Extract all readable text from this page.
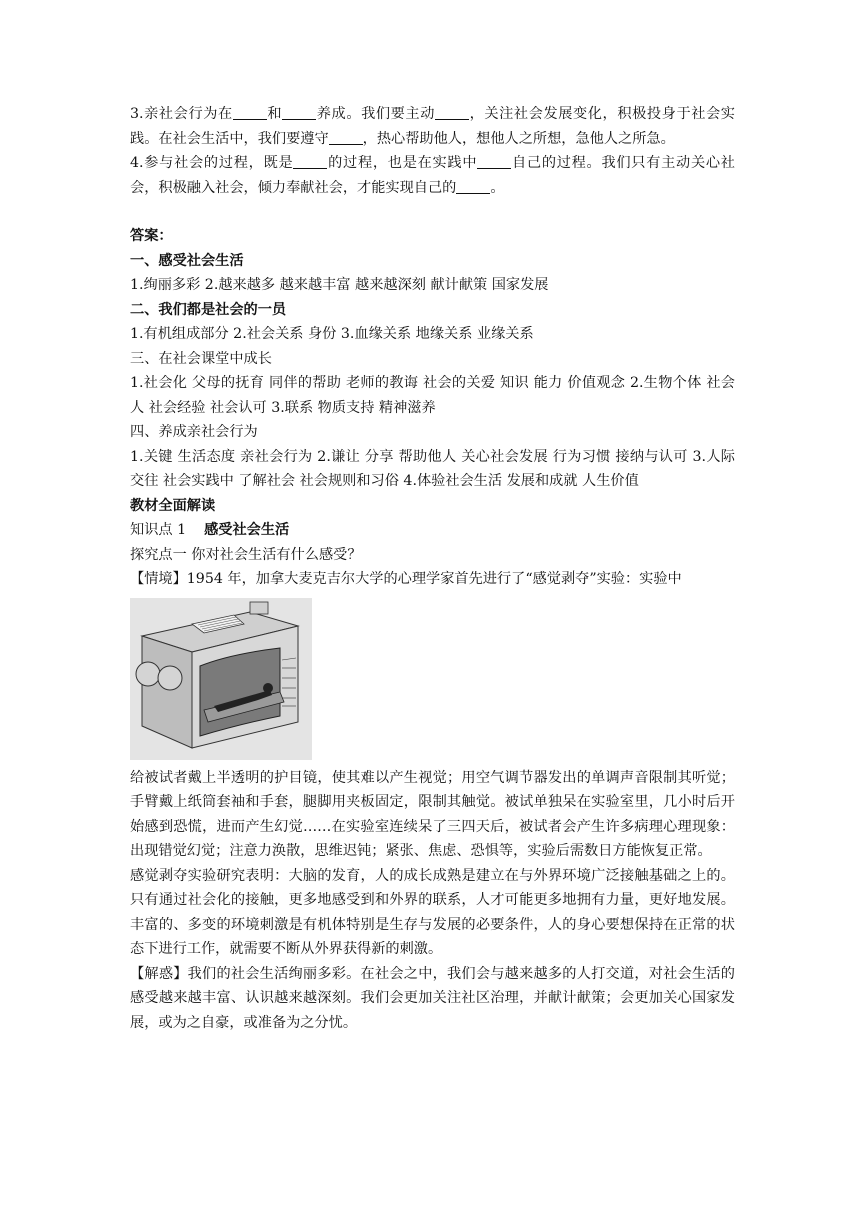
3.亲社会行为在 和 养成。我们要主动 ，关注社会发展变化，积极投身于社会实践。在社会生活中，我们要遵守 ，热心帮助他人，想他人之所想，急他人之所急。

4.参与社会的过程，既是 的过程，也是在实践中 自己的过程。我们只有主动关心社会，积极融入社会，倾力奉献社会，才能实现自己的 。

答案：

一、感受社会生活

1.绚丽多彩 2.越来越多 越来越丰富 越来越深刻 献计献策 国家发展

二、我们都是社会的一员

1.有机组成部分 2.社会关系 身份 3.血缘关系 地缘关系 业缘关系

三、在社会课堂中成长

1.社会化 父母的抚育 同伴的帮助 老师的教诲 社会的关爱 知识 能力 价值观念 2.生物个体 社会人 社会经验 社会认可 3.联系 物质支持 精神滋养

四、养成亲社会行为

1.关键 生活态度 亲社会行为 2.谦让 分享 帮助他人 关心社会发展 行为习惯 接纳与认可 3.人际交往 社会实践中 了解社会 社会规则和习俗 4.体验社会生活 发展和成就 人生价值

教材全面解读

知识点 1 感受社会生活

探究点一 你对社会生活有什么感受？

【情境】1954 年，加拿大麦克吉尔大学的心理学家首先进行了“感觉剥夺”实验：实验中

给被试者戴上半透明的护目镜，使其难以产生视觉；用空气调节器发出的单调声音限制其听觉；手臂戴上纸筒套袖和手套，腿脚用夹板固定，限制其触觉。被试单独呆在实验室里，几小时后开始感到恐慌，进而产生幻觉……在实验室连续呆了三四天后，被试者会产生许多病理心理现象：出现错觉幻觉；注意力涣散，思维迟钝；紧张、焦虑、恐惧等，实验后需数日方能恢复正常。

感觉剥夺实验研究表明：大脑的发育，人的成长成熟是建立在与外界环境广泛接触基础之上的。只有通过社会化的接触，更多地感受到和外界的联系，人才可能更多地拥有力量，更好地发展。丰富的、多变的环境刺激是有机体特别是生存与发展的必要条件，人的身心要想保持在正常的状态下进行工作，就需要不断从外界获得新的刺激。

【解惑】我们的社会生活绚丽多彩。在社会之中，我们会与越来越多的人打交道，对社会生活的感受越来越丰富、认识越来越深刻。我们会更加关注社区治理，并献计献策；会更加关心国家发展，或为之自豪，或准备为之分忧。
